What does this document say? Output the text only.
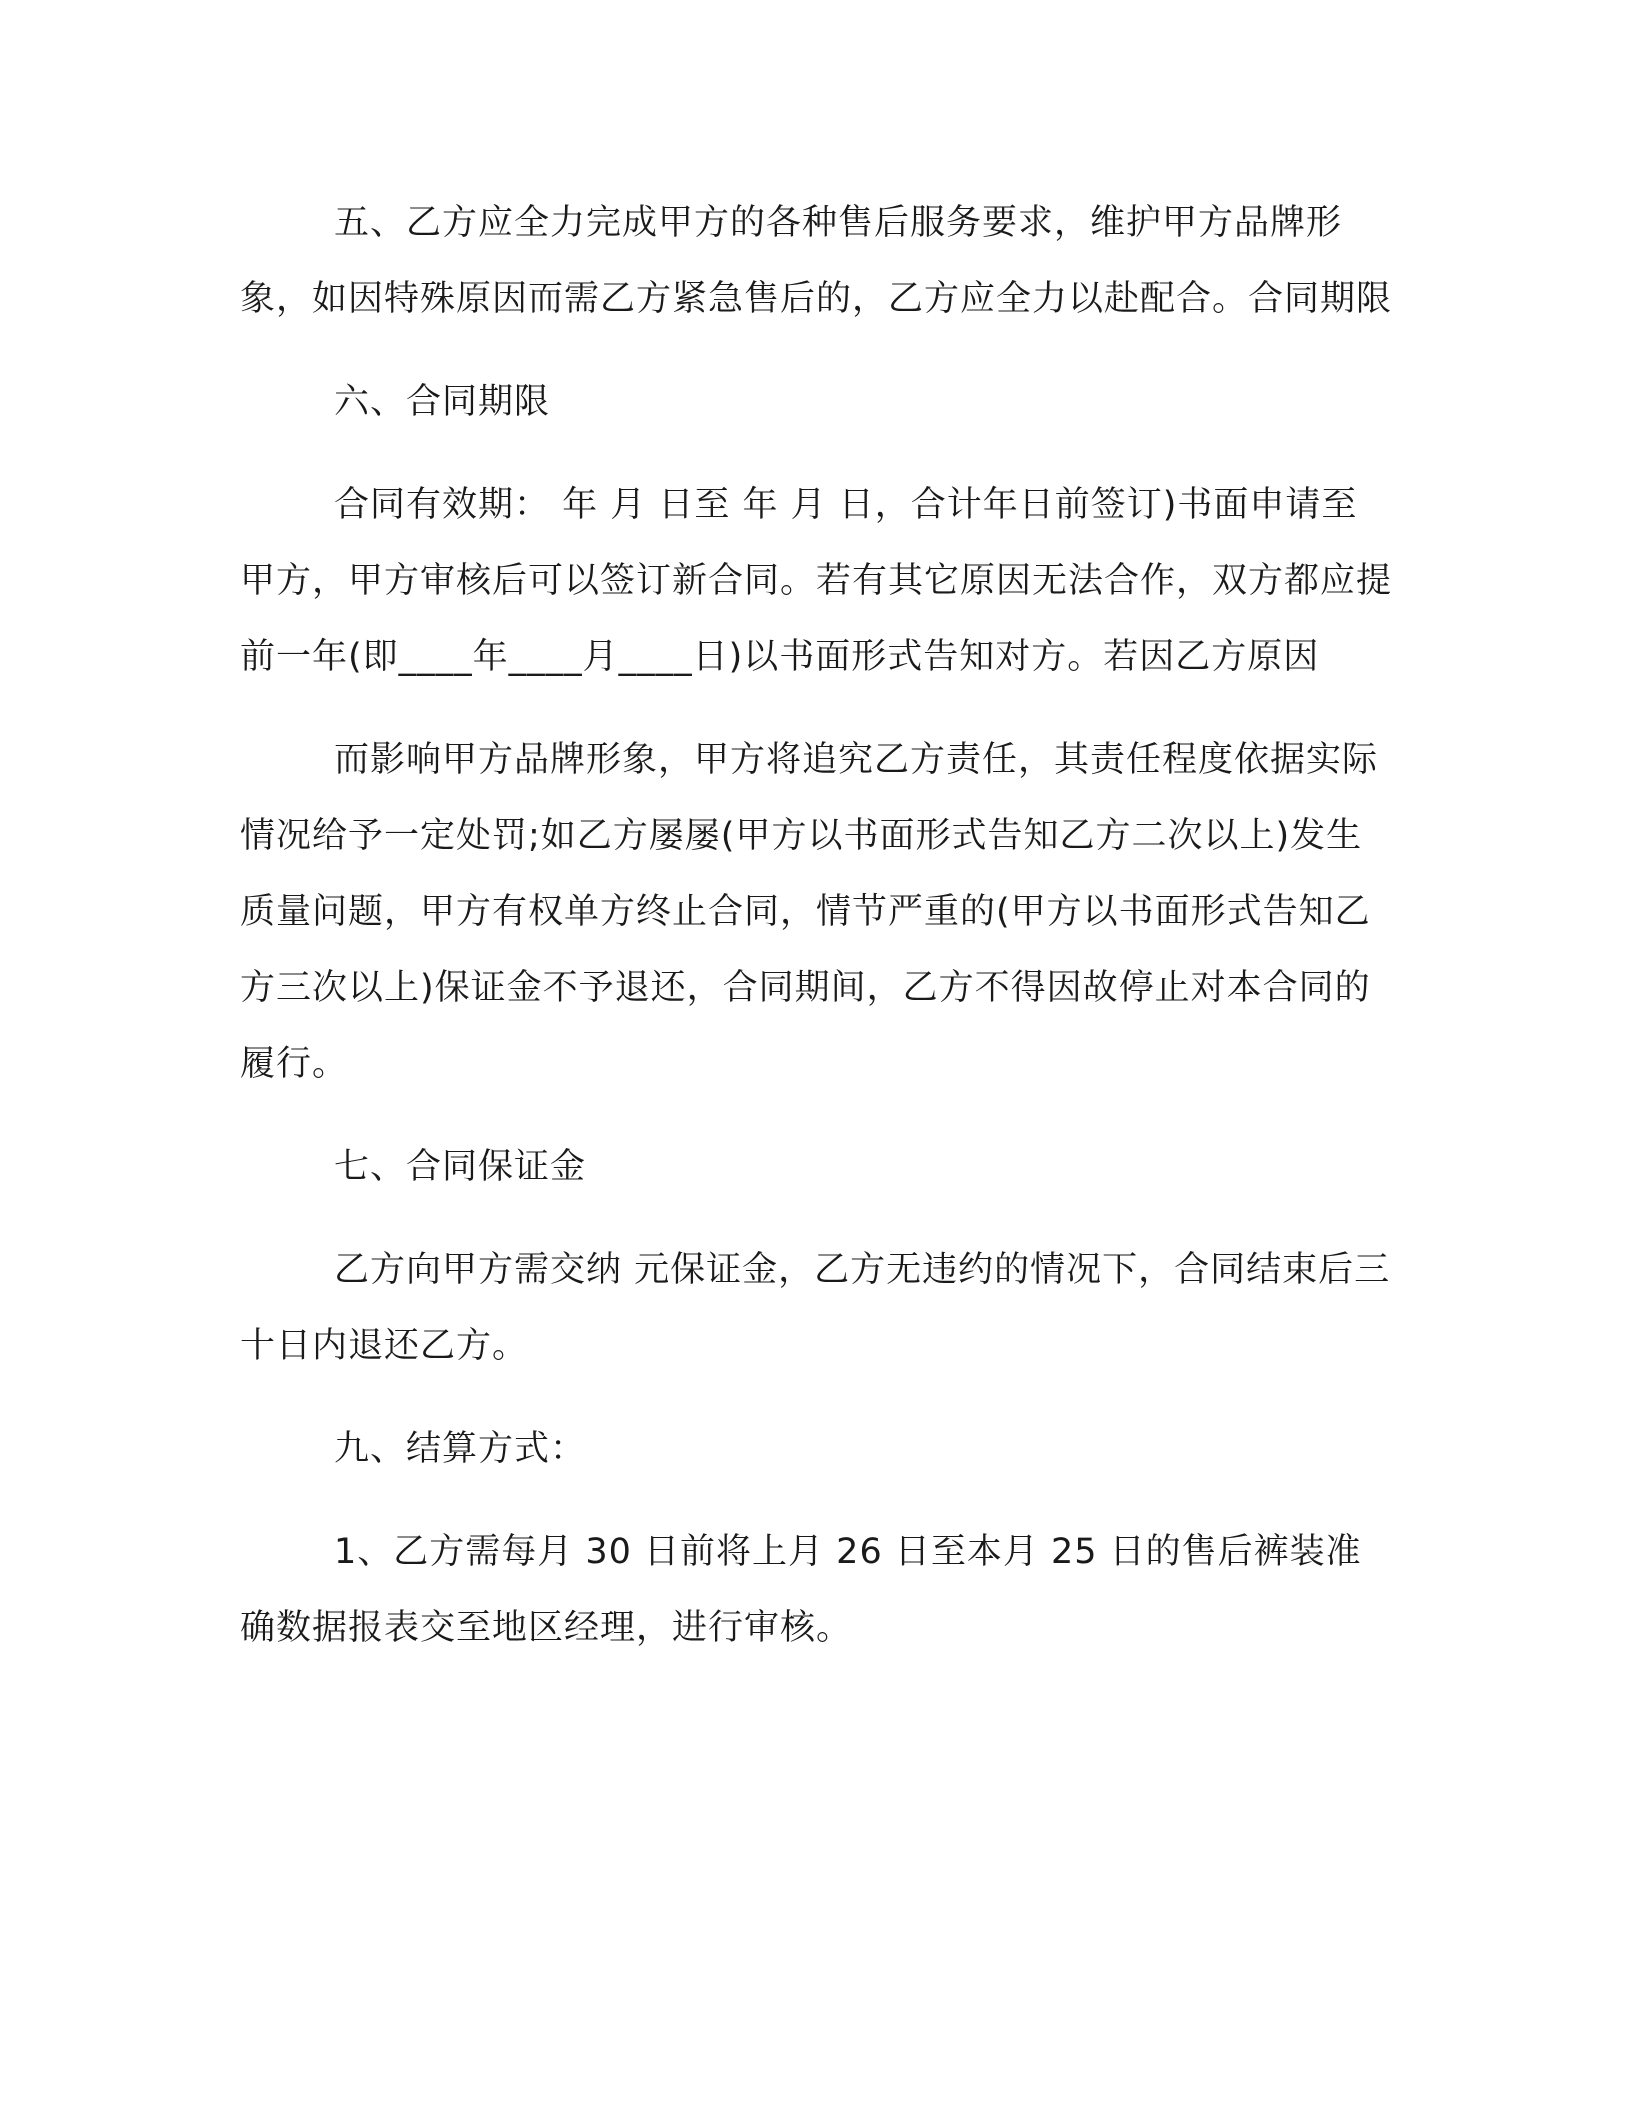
五、乙方应全力完成甲方的各种售后服务要求，维护甲方品牌形象，如因特殊原因而需乙方紧急售后的，乙方应全力以赴配合。合同期限

六、合同期限

合同有效期： 年 月 日至 年 月 日，合计年日前签订)书面申请至甲方，甲方审核后可以签订新合同。若有其它原因无法合作，双方都应提前一年(即____年____月____日)以书面形式告知对方。若因乙方原因

而影响甲方品牌形象，甲方将追究乙方责任，其责任程度依据实际情况给予一定处罚;如乙方屡屡(甲方以书面形式告知乙方二次以上)发生质量问题，甲方有权单方终止合同，情节严重的(甲方以书面形式告知乙方三次以上)保证金不予退还，合同期间，乙方不得因故停止对本合同的履行。

七、合同保证金

乙方向甲方需交纳 元保证金，乙方无违约的情况下，合同结束后三十日内退还乙方。

九、结算方式：

1、乙方需每月 30 日前将上月 26 日至本月 25 日的售后裤装准确数据报表交至地区经理，进行审核。
